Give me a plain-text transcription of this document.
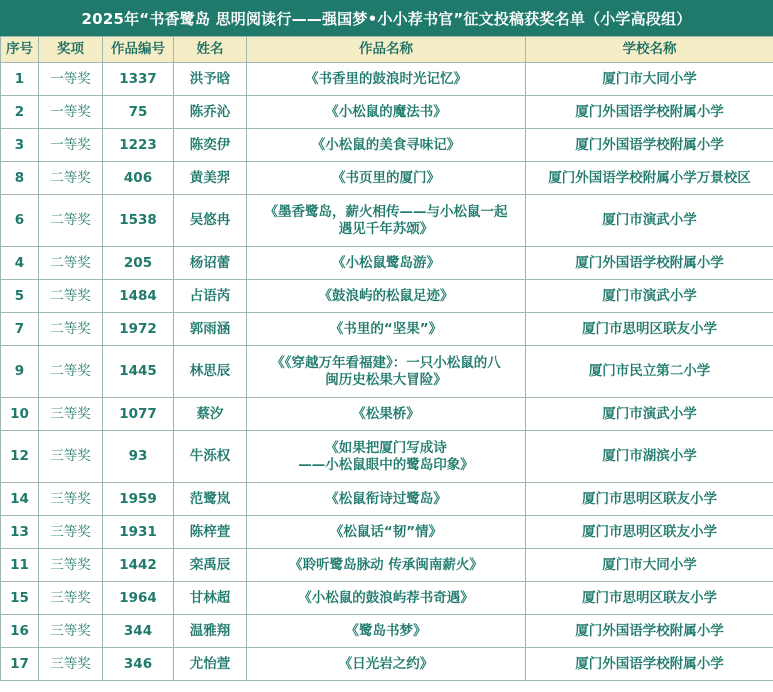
2025年“书香鹭岛 思明阅读行——强国梦•小小荐书官”征文投稿获奖名单（小学高段组）
序号	奖项	作品编号	姓名	作品名称	学校名称
1	一等奖	1337	洪予晗	《书香里的鼓浪时光记忆》	厦门市大同小学
2	一等奖	75	陈乔沁	《小松鼠的魔法书》	厦门外国语学校附属小学
3	一等奖	1223	陈奕伊	《小松鼠的美食寻味记》	厦门外国语学校附属小学
8	二等奖	406	黄美羿	《书页里的厦门》	厦门外国语学校附属小学万景校区
6	二等奖	1538	吴悠冉	《墨香鹭岛，薪火相传——与小松鼠一起
遇见千年苏颂》	厦门市演武小学
4	二等奖	205	杨诏蕾	《小松鼠鹭岛游》	厦门外国语学校附属小学
5	二等奖	1484	占语芮	《鼓浪屿的松鼠足迹》	厦门市演武小学
7	二等奖	1972	郭雨涵	《书里的“坚果”》	厦门市思明区联友小学
9	二等奖	1445	林思辰	《《穿越万年看福建》：一只小松鼠的八
闽历史松果大冒险》	厦门市民立第二小学
10	三等奖	1077	蔡汐	《松果桥》	厦门市演武小学
12	三等奖	93	牛泺权	《如果把厦门写成诗
——小松鼠眼中的鹭岛印象》	厦门市湖滨小学
14	三等奖	1959	范鹭岚	《松鼠衔诗过鹭岛》	厦门市思明区联友小学
13	三等奖	1931	陈梓萱	《松鼠话“韧”情》	厦门市思明区联友小学
11	三等奖	1442	栾禹辰	《聆听鹭岛脉动 传承闽南薪火》	厦门市大同小学
15	三等奖	1964	甘林超	《小松鼠的鼓浪屿荐书奇遇》	厦门市思明区联友小学
16	三等奖	344	温雅翔	《鹭岛书梦》	厦门外国语学校附属小学
17	三等奖	346	尤怡萱	《日光岩之约》	厦门外国语学校附属小学
